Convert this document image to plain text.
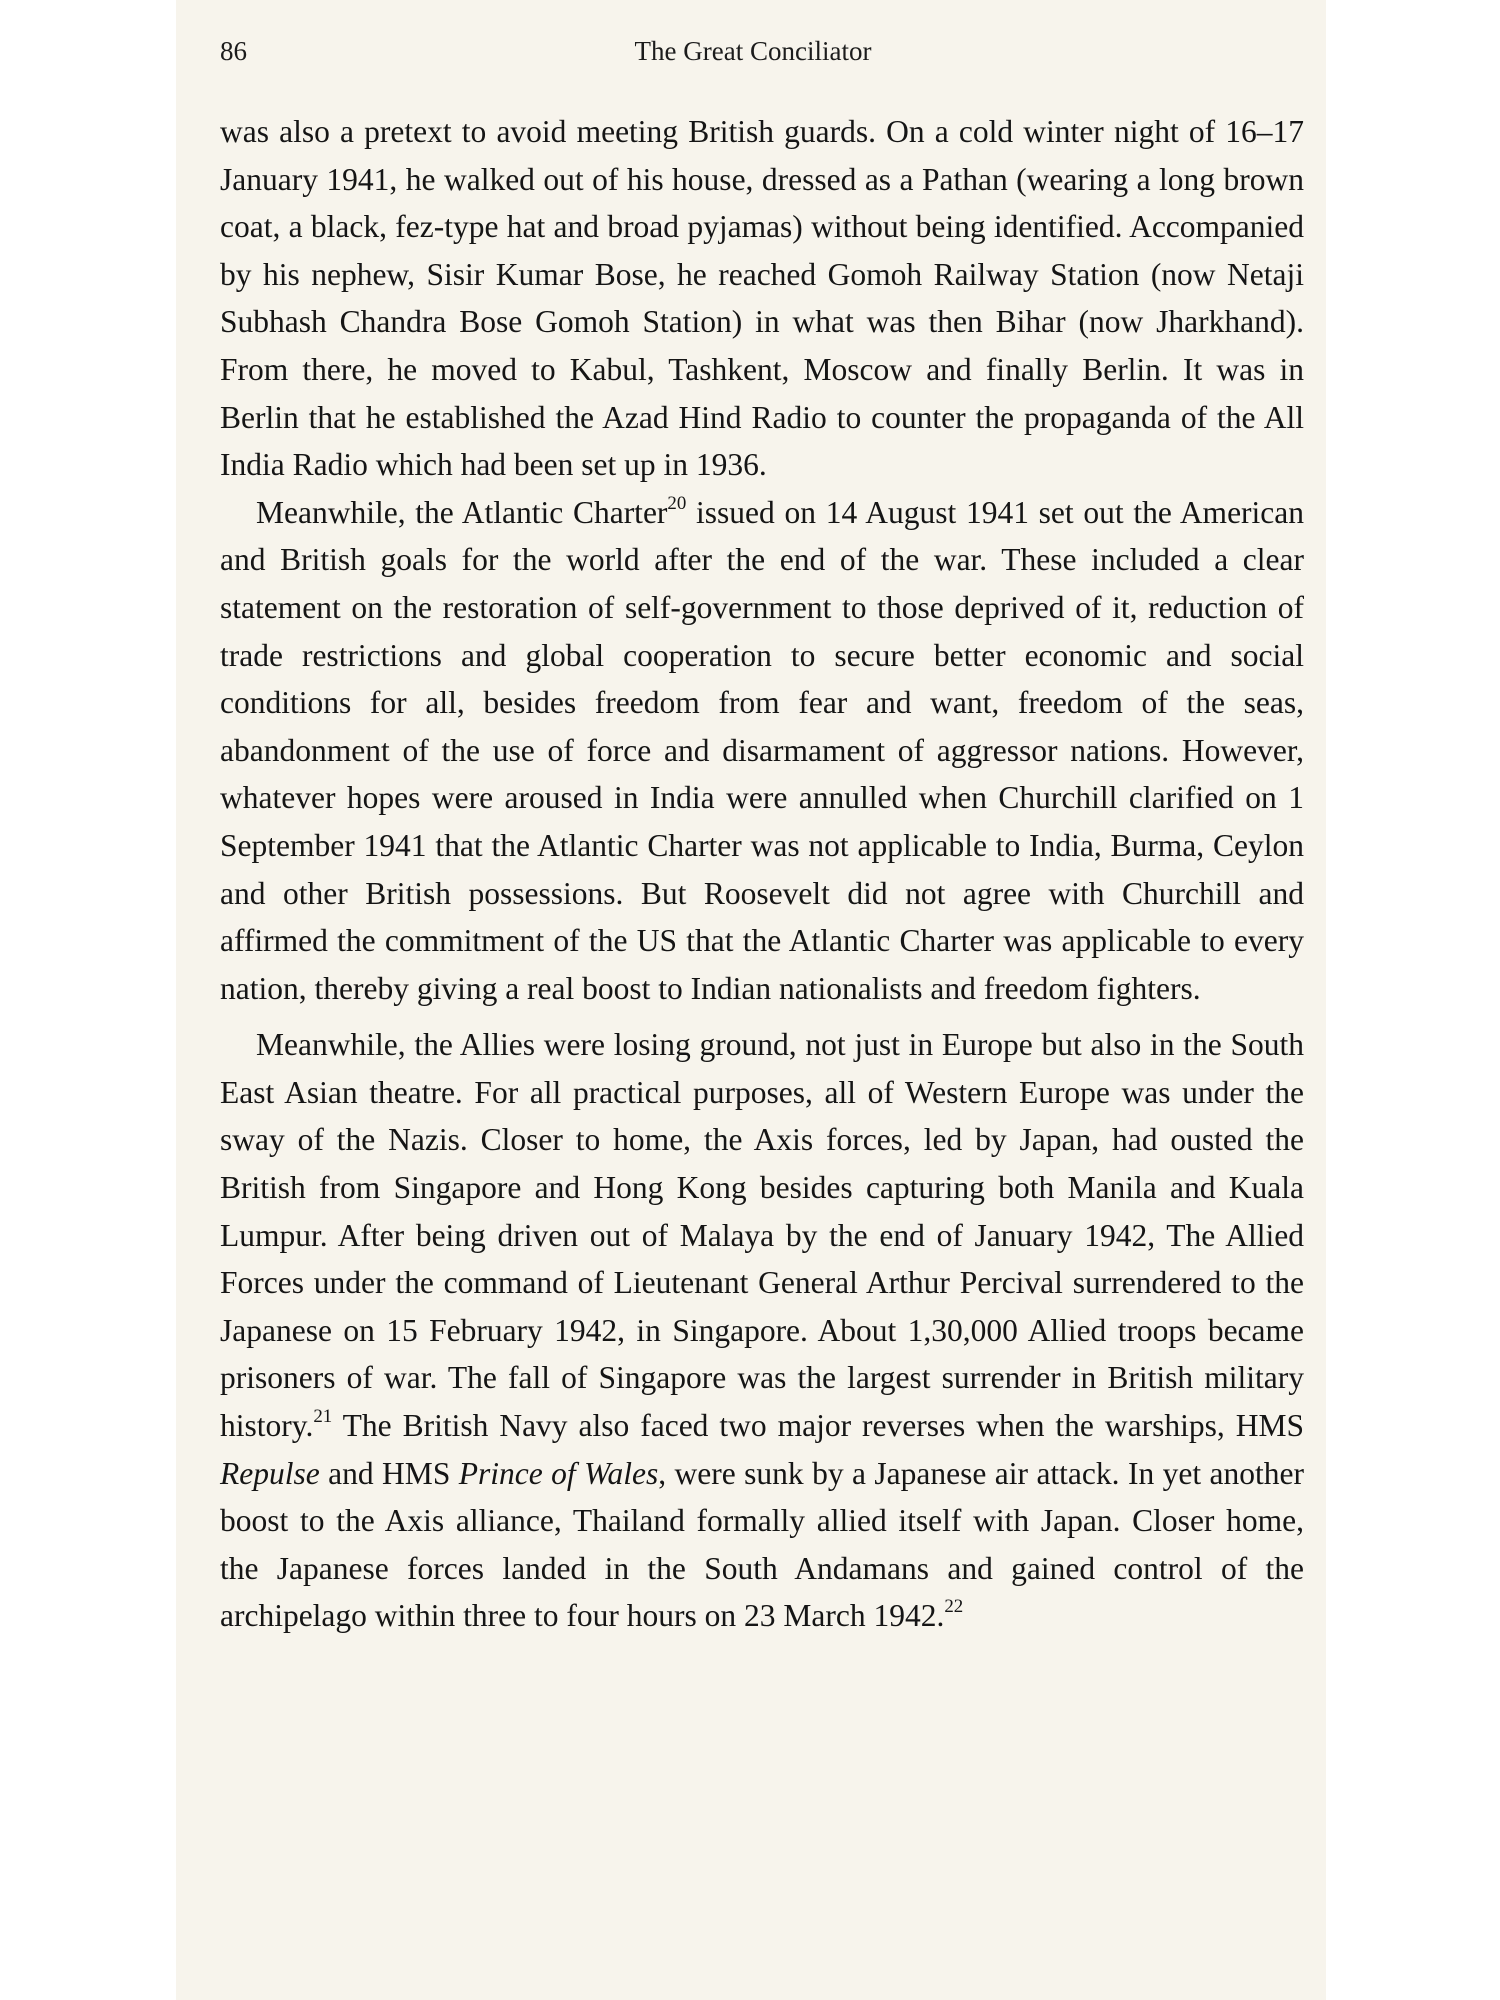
86	The Great Conciliator

was also a pretext to avoid meeting British guards. On a cold winter night of 16–17 January 1941, he walked out of his house, dressed as a Pathan (wearing a long brown coat, a black, fez-type hat and broad pyjamas) without being identified. Accompanied by his nephew, Sisir Kumar Bose, he reached Gomoh Railway Station (now Netaji Subhash Chandra Bose Gomoh Station) in what was then Bihar (now Jharkhand). From there, he moved to Kabul, Tashkent, Moscow and finally Berlin. It was in Berlin that he established the Azad Hind Radio to counter the propaganda of the All India Radio which had been set up in 1936.

Meanwhile, the Atlantic Charter$^{20}$ issued on 14 August 1941 set out the American and British goals for the world after the end of the war. These included a clear statement on the restoration of self-government to those deprived of it, reduction of trade restrictions and global cooperation to secure better economic and social conditions for all, besides freedom from fear and want, freedom of the seas, abandonment of the use of force and disarmament of aggressor nations. However, whatever hopes were aroused in India were annulled when Churchill clarified on 1 September 1941 that the Atlantic Charter was not applicable to India, Burma, Ceylon and other British possessions. But Roosevelt did not agree with Churchill and affirmed the commitment of the US that the Atlantic Charter was applicable to every nation, thereby giving a real boost to Indian nationalists and freedom fighters.

Meanwhile, the Allies were losing ground, not just in Europe but also in the South East Asian theatre. For all practical purposes, all of Western Europe was under the sway of the Nazis. Closer to home, the Axis forces, led by Japan, had ousted the British from Singapore and Hong Kong besides capturing both Manila and Kuala Lumpur. After being driven out of Malaya by the end of January 1942, The Allied Forces under the command of Lieutenant General Arthur Percival surrendered to the Japanese on 15 February 1942, in Singapore. About 1,30,000 Allied troops became prisoners of war. The fall of Singapore was the largest surrender in British military history.$^{21}$ The British Navy also faced two major reverses when the warships, HMS Repulse and HMS Prince of Wales, were sunk by a Japanese air attack. In yet another boost to the Axis alliance, Thailand formally allied itself with Japan. Closer home, the Japanese forces landed in the South Andamans and gained control of the archipelago within three to four hours on 23 March 1942.22
